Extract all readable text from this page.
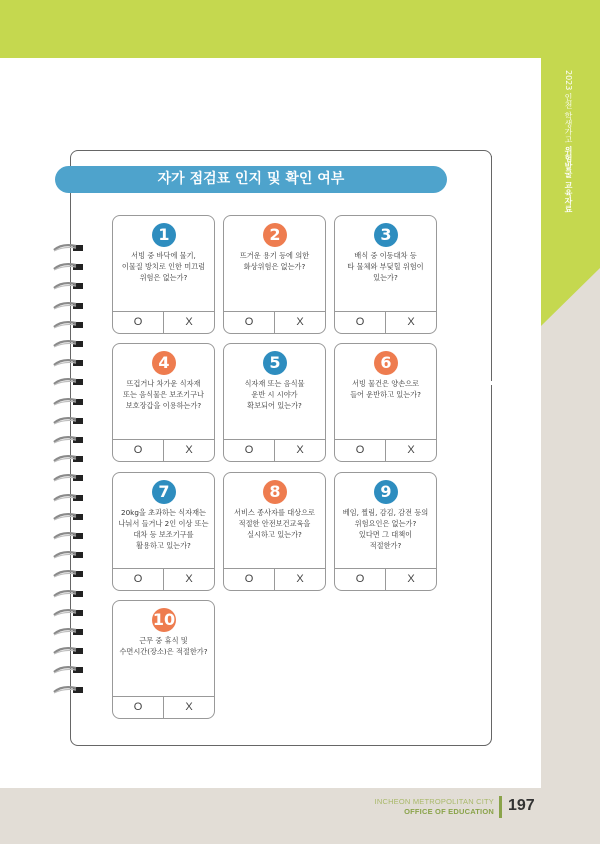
2023 인천 학생가고 위험발굴 교육자료
자가 점검표 인지 및 확인 여부
1
서빙 중 바닥에 물기,
이물질 방치로 인한 미끄럼
위험은 없는가?
O	X
2
뜨거운 용기 등에 의한
화상위험은 없는가?
O	X
3
배식 중 이동대차 등
타 물체와 부딪힐 위험이
있는가?
O	X
4
뜨겁거나 차가운 식자재
또는 음식물은 보조기구나
보호장갑을 이용하는가?
O	X
5
식자재 또는 음식물
운반 시 시야가
확보되어 있는가?
O	X
6
서빙 물건은 양손으로
들어 운반하고 있는가?
O	X
7
20kg을 초과하는 식자재는
나눠서 들거나 2인 이상 또는
대차 등 보조기구를
활용하고 있는가?
O	X
8
서비스 종사자를 대상으로
적절한 안전보건교육을
실시하고 있는가?
O	X
9
베임, 찔림, 감김, 감전 등의
위험요인은 없는가?
있다면 그 대책이
적절한가?
O	X
10
근무 중 휴식 및
수면시간(장소)은 적절한가?
O	X
INCHEON METROPOLITAN CITY
OFFICE OF EDUCATION 197
